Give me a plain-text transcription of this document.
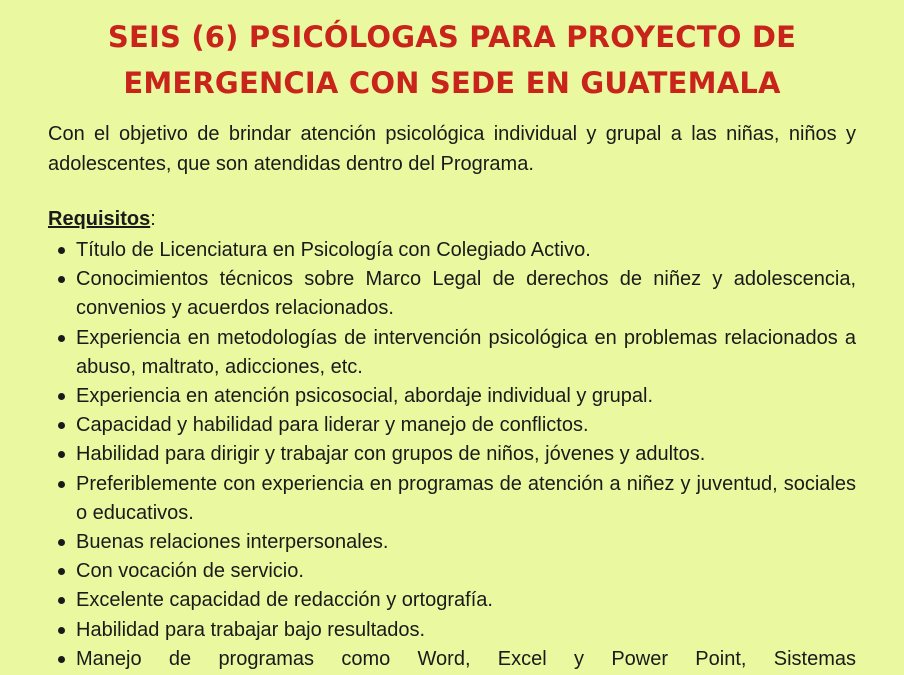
SEIS (6) PSICÓLOGAS PARA PROYECTO DE
EMERGENCIA CON SEDE EN GUATEMALA

Con el objetivo de brindar atención psicológica individual y grupal a las niñas, niños y adolescentes, que son atendidas dentro del Programa.

Requisitos:

Título de Licenciatura en Psicología con Colegiado Activo.
Conocimientos técnicos sobre Marco Legal de derechos de niñez y adolescencia, convenios y acuerdos relacionados.
Experiencia en metodologías de intervención psicológica en problemas relacionados a abuso, maltrato, adicciones, etc.
Experiencia en atención psicosocial, abordaje individual y grupal.
Capacidad y habilidad para liderar y manejo de conflictos.
Habilidad para dirigir y trabajar con grupos de niños, jóvenes y adultos.
Preferiblemente con experiencia en programas de atención a niñez y juventud, sociales o educativos.
Buenas relaciones interpersonales.
Con vocación de servicio.
Excelente capacidad de redacción y ortografía.
Habilidad para trabajar bajo resultados.
Manejo de programas como Word, Excel y Power Point, Sistemas
